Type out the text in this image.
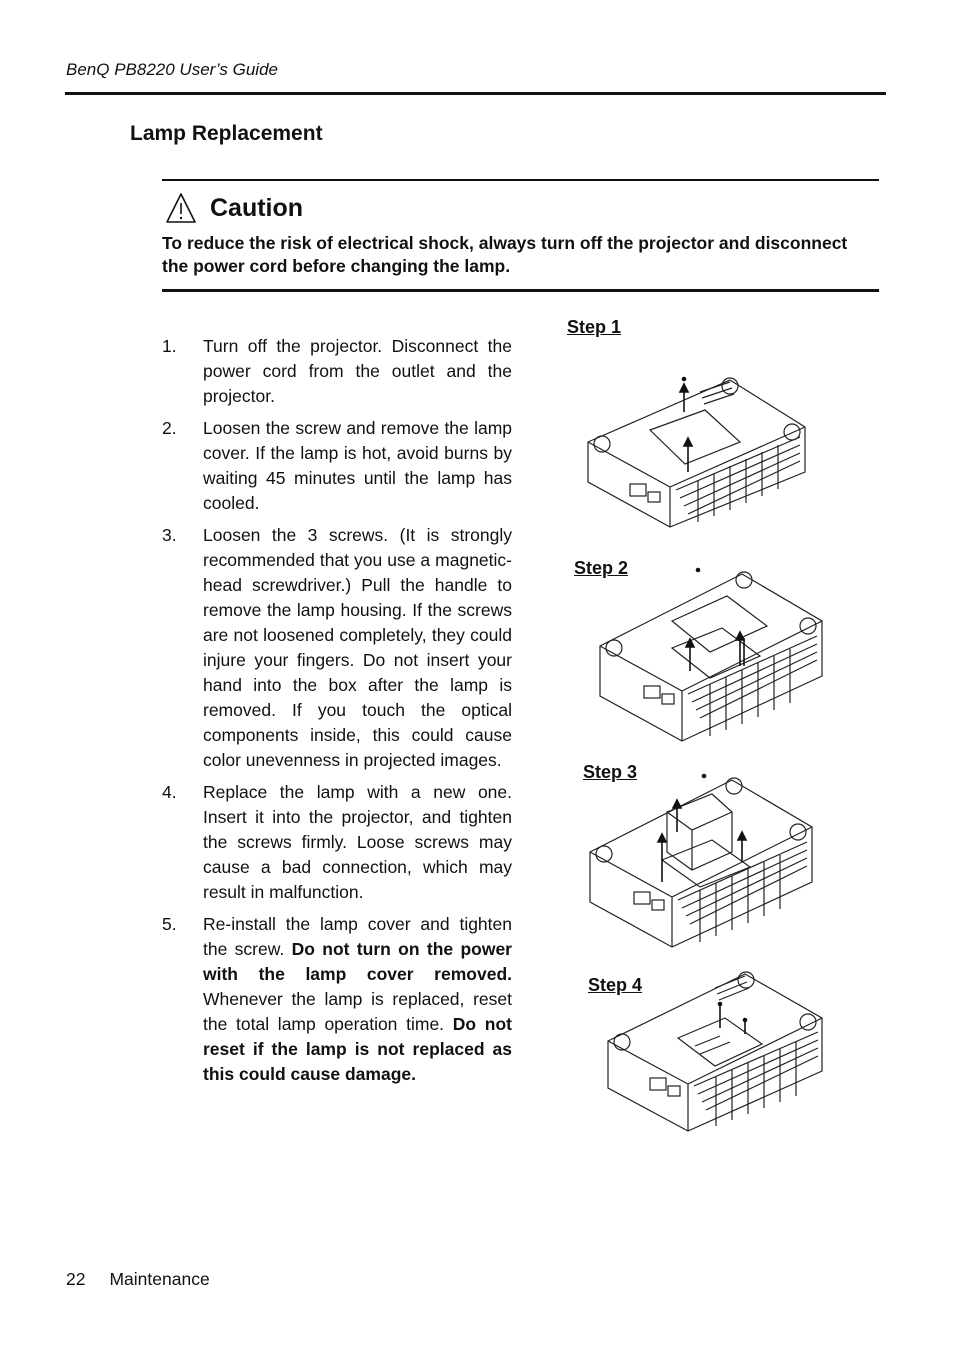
BenQ PB8220 User’s Guide
Lamp Replacement
Caution
To reduce the risk of electrical shock, always turn off the projector and disconnect the power cord before changing the lamp.
1. Turn off the projector. Disconnect the power cord from the outlet and the projector.
2. Loosen the screw and remove the lamp cover. If the lamp is hot, avoid burns by waiting 45 minutes until the lamp has cooled.
3. Loosen the 3 screws. (It is strongly recommended that you use a magnetic-head screwdriver.) Pull the handle to remove the lamp housing. If the screws are not loosened completely, they could injure your fingers. Do not insert your hand into the box after the lamp is removed. If you touch the optical components inside, this could cause color unevenness in projected images.
4. Replace the lamp with a new one. Insert it into the projector, and tighten the screws firmly. Loose screws may cause a bad connection, which may result in malfunction.
5. Re-install the lamp cover and tighten the screw. Do not turn on the power with the lamp cover removed. Whenever the lamp is replaced, reset the total lamp operation time. Do not reset if the lamp is not replaced as this could cause damage.
Step 1
Step 2
Step 3
Step 4
22 Maintenance
